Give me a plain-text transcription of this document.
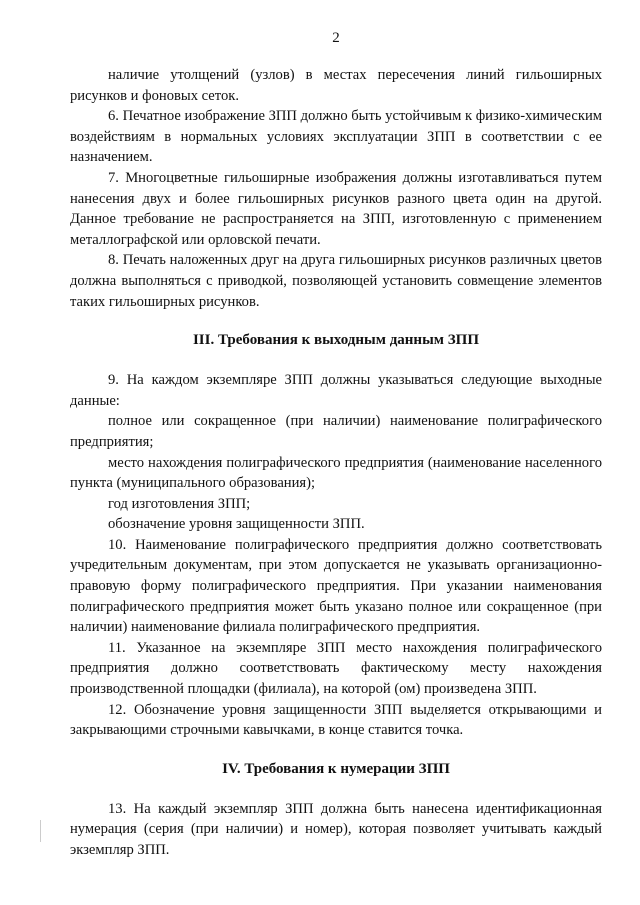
2

наличие утолщений (узлов) в местах пересечения линий гильоширных рисунков и фоновых сеток.

6. Печатное изображение ЗПП должно быть устойчивым к физико-химическим воздействиям в нормальных условиях эксплуатации ЗПП в соответствии с ее назначением.

7. Многоцветные гильоширные изображения должны изготавливаться путем нанесения двух и более гильоширных рисунков разного цвета один на другой. Данное требование не распространяется на ЗПП, изготовленную с применением металлографской или орловской печати.

8. Печать наложенных друг на друга гильоширных рисунков различных цветов должна выполняться с приводкой, позволяющей установить совмещение элементов таких гильоширных рисунков.

III. Требования к выходным данным ЗПП

9. На каждом экземпляре ЗПП должны указываться следующие выходные данные:

полное или сокращенное (при наличии) наименование полиграфического предприятия;

место нахождения полиграфического предприятия (наименование населенного пункта (муниципального образования);

год изготовления ЗПП;

обозначение уровня защищенности ЗПП.

10. Наименование полиграфического предприятия должно соответствовать учредительным документам, при этом допускается не указывать организационно-правовую форму полиграфического предприятия. При указании наименования полиграфического предприятия может быть указано полное или сокращенное (при наличии) наименование филиала полиграфического предприятия.

11. Указанное на экземпляре ЗПП место нахождения полиграфического предприятия должно соответствовать фактическому месту нахождения производственной площадки (филиала), на которой (ом) произведена ЗПП.

12. Обозначение уровня защищенности ЗПП выделяется открывающими и закрывающими строчными кавычками, в конце ставится точка.

IV. Требования к нумерации ЗПП

13. На каждый экземпляр ЗПП должна быть нанесена идентификационная нумерация (серия (при наличии) и номер), которая позволяет учитывать каждый экземпляр ЗПП.
